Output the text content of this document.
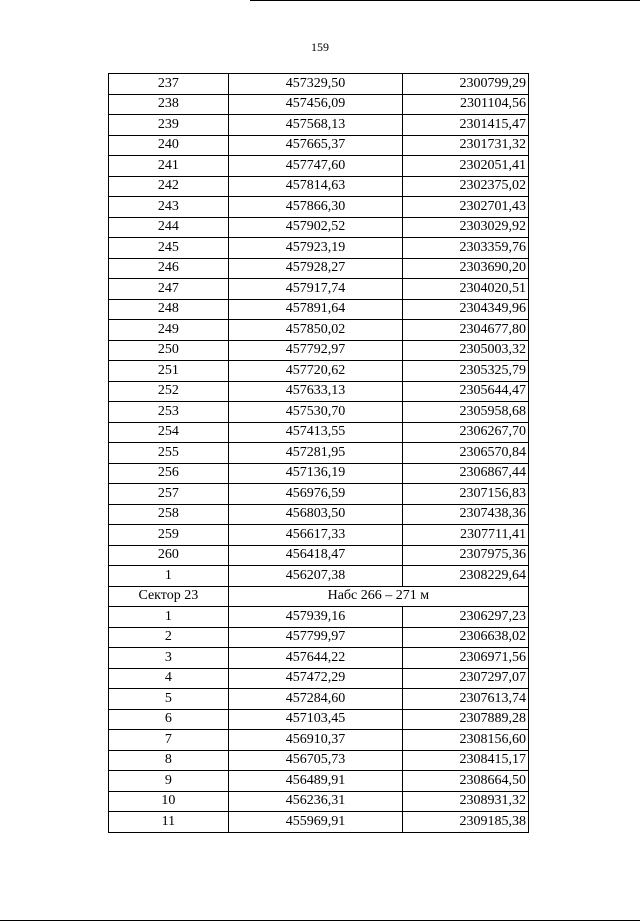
159
237	457329,50	2300799,29
238	457456,09	2301104,56
239	457568,13	2301415,47
240	457665,37	2301731,32
241	457747,60	2302051,41
242	457814,63	2302375,02
243	457866,30	2302701,43
244	457902,52	2303029,92
245	457923,19	2303359,76
246	457928,27	2303690,20
247	457917,74	2304020,51
248	457891,64	2304349,96
249	457850,02	2304677,80
250	457792,97	2305003,32
251	457720,62	2305325,79
252	457633,13	2305644,47
253	457530,70	2305958,68
254	457413,55	2306267,70
255	457281,95	2306570,84
256	457136,19	2306867,44
257	456976,59	2307156,83
258	456803,50	2307438,36
259	456617,33	2307711,41
260	456418,47	2307975,36
1	456207,38	2308229,64
Сектор 23	Набс 266 – 271 м	
1	457939,16	2306297,23
2	457799,97	2306638,02
3	457644,22	2306971,56
4	457472,29	2307297,07
5	457284,60	2307613,74
6	457103,45	2307889,28
7	456910,37	2308156,60
8	456705,73	2308415,17
9	456489,91	2308664,50
10	456236,31	2308931,32
11	455969,91	2309185,38
